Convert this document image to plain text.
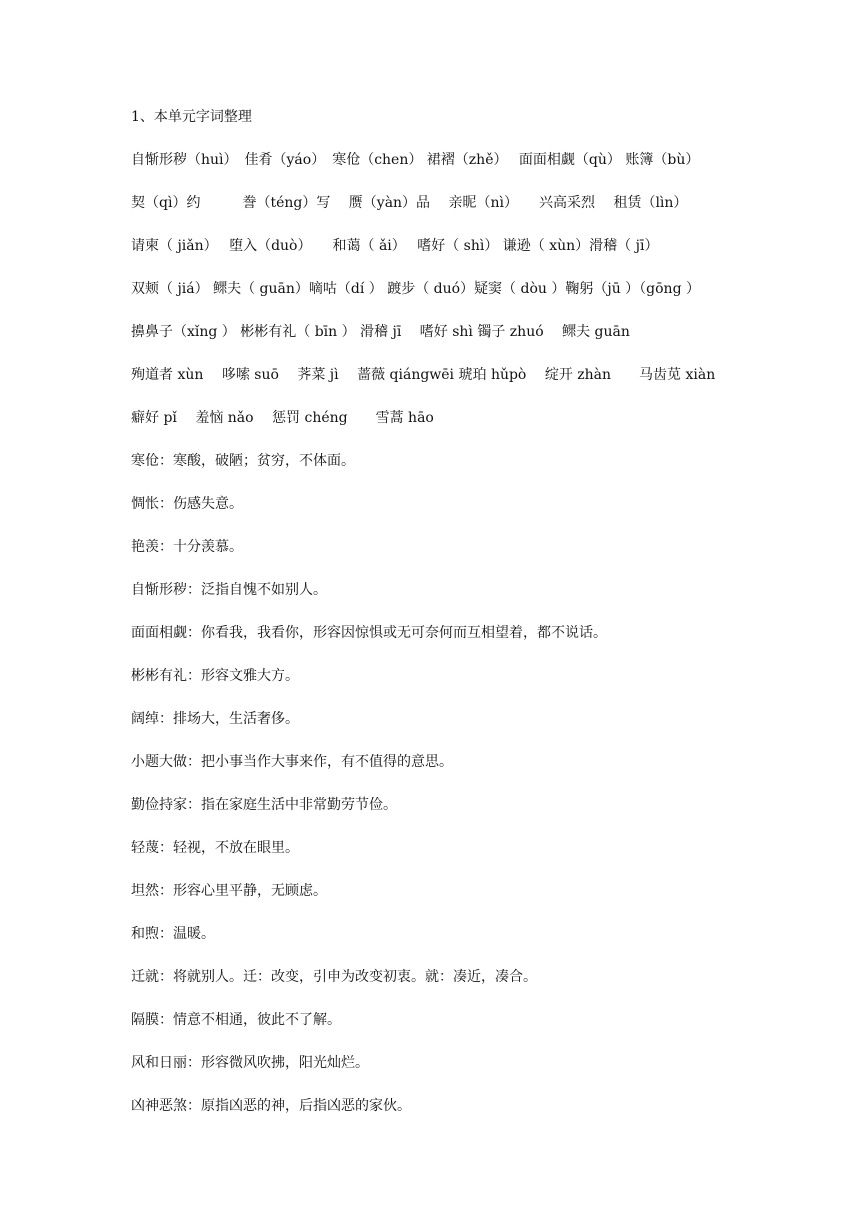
1、本单元字词整理
自惭形秽（huì）　佳肴（yáo）　寒伧（chen） 裙褶（zhě）　 面面相觑（qù） 账簿（bù）
契（qì）约　　　誊（téng）写　 赝（yàn）品　 亲昵（nì）　　兴高采烈　 租赁（lìn）
请柬（ jiǎn）　 堕入（duò）　　和蔼（ ǎi）　 嗜好（ shì） 谦逊（ xùn）滑稽（ jī）
双颊（ jiá） 鳏夫（ guān）嘀咕（dí ） 踱步（ duó）疑窦（ dòu ）鞠躬（jū ）（gōng ）
擤鼻子（xǐng ） 彬彬有礼（ bīn ） 滑稽 jī　 嗜好 shì 镯子 zhuó　 鳏夫 guān
殉道者 xùn　 哆嗦 suō　 荠菜 jì　 蔷薇 qiángwēi 琥珀 hǔpò　 绽开 zhàn　　马齿苋 xiàn
癖好 pǐ　 羞恼 nǎo　 惩罚 chéng　　雪蒿 hāo
寒伧：寒酸，破陋；贫穷，不体面。
惆怅：伤感失意。
艳羡：十分羡慕。
自惭形秽：泛指自愧不如别人。
面面相觑：你看我，我看你，形容因惊惧或无可奈何而互相望着，都不说话。
彬彬有礼：形容文雅大方。
阔绰：排场大，生活奢侈。
小题大做：把小事当作大事来作，有不值得的意思。
勤俭持家：指在家庭生活中非常勤劳节俭。
轻蔑：轻视，不放在眼里。
坦然：形容心里平静，无顾虑。
和煦：温暖。
迁就：将就别人。迁：改变，引申为改变初衷。就：凑近，凑合。
隔膜：情意不相通，彼此不了解。
风和日丽：形容微风吹拂，阳光灿烂。
凶神恶煞：原指凶恶的神，后指凶恶的家伙。
